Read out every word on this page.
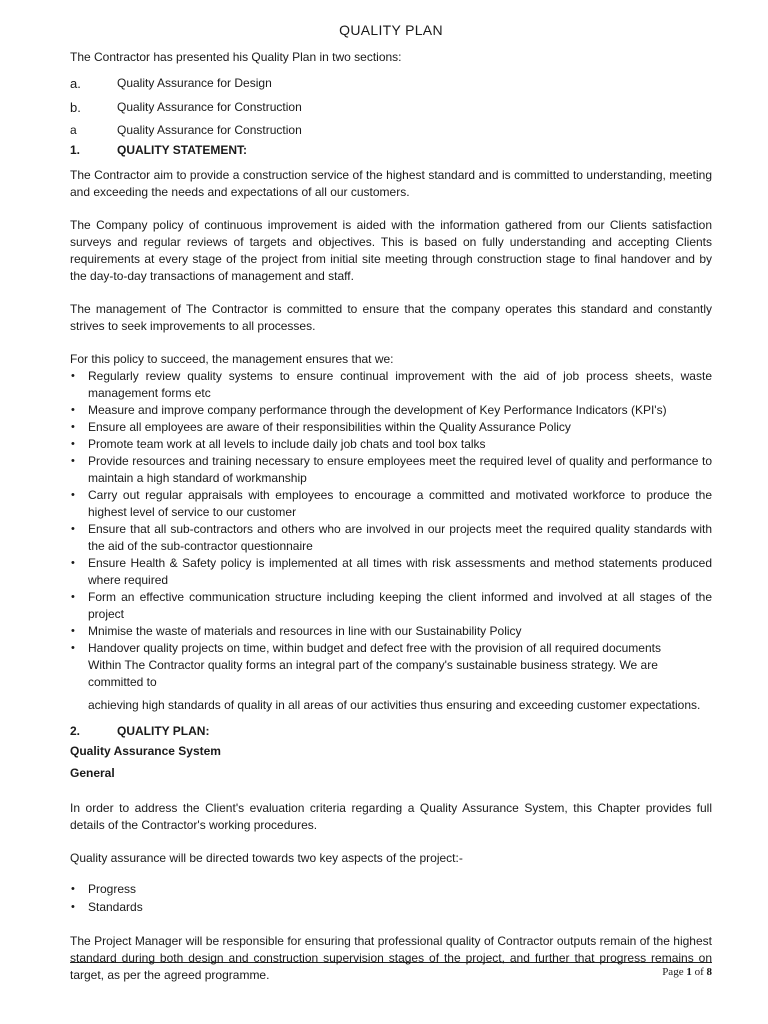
QUALITY PLAN

The Contractor has presented his Quality Plan in two sections:

a.	Quality Assurance for Design
b.	Quality Assurance for Construction
a	Quality Assurance for Construction
1.	QUALITY STATEMENT:

The Contractor aim to provide a construction service of the highest standard and is committed to understanding, meeting and exceeding the needs and expectations of all our customers.

The Company policy of continuous improvement is aided with the information gathered from our Clients satisfaction surveys and regular reviews of targets and objectives. This is based on fully understanding and accepting Clients requirements at every stage of the project from initial site meeting through construction stage to final handover and by the day-to-day transactions of management and staff.

The management of The Contractor is committed to ensure that the company operates this standard and constantly strives to seek improvements to all processes.

For this policy to succeed, the management ensures that we:

• Regularly review quality systems to ensure continual improvement with the aid of job process sheets, waste management forms etc
• Measure and improve company performance through the development of Key Performance Indicators (KPI's)
• Ensure all employees are aware of their responsibilities within the Quality Assurance Policy
• Promote team work at all levels to include daily job chats and tool box talks
• Provide resources and training necessary to ensure employees meet the required level of quality and performance to maintain a high standard of workmanship
• Carry out regular appraisals with employees to encourage a committed and motivated workforce to produce the highest level of service to our customer
• Ensure that all sub-contractors and others who are involved in our projects meet the required quality standards with the aid of the sub-contractor questionnaire
• Ensure Health & Safety policy is implemented at all times with risk assessments and method statements produced where required
• Form an effective communication structure including keeping the client informed and involved at all stages of the project
• Mnimise the waste of materials and resources in line with our Sustainability Policy
• Handover quality projects on time, within budget and defect free with the provision of all required documents
Within The Contractor quality forms an integral part of the company's sustainable business strategy. We are committed to
achieving high standards of quality in all areas of our activities thus ensuring and exceeding customer expectations.
2.	QUALITY PLAN:
Quality Assurance System
General

In order to address the Client's evaluation criteria regarding a Quality Assurance System, this Chapter provides full details of the Contractor's working procedures.

Quality assurance will be directed towards two key aspects of the project:-

• Progress
• Standards

The Project Manager will be responsible for ensuring that professional quality of Contractor outputs remain of the highest standard during both design and construction supervision stages of the project, and further that progress remains on target, as per the agreed programme.	Page 1 of 8
